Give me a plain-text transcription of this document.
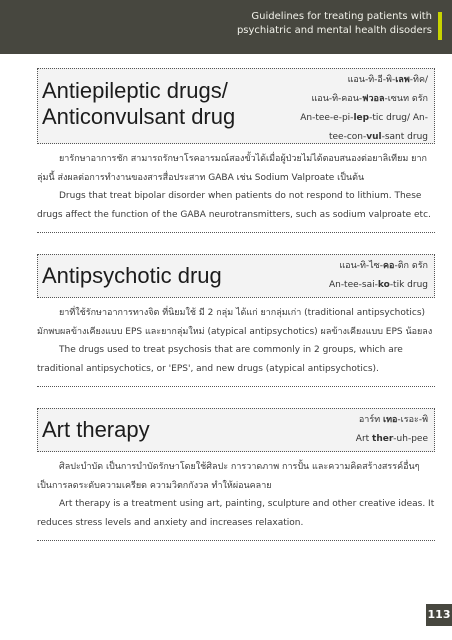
Guidelines for treating patients with
psychiatric and mental health disoders
Antiepileptic drugs/
Anticonvulsant drug
แอน-ทิ-อี-พิ-เลพ-ทิค/
แอน-ทิ-คอน-ฟวอล-เซนท ดรัก
An-tee-e-pi-lep-tic drug/ An-
tee-con-vul-sant drug

ยารักษาอาการชัก สามารถรักษาโรคอารมณ์สองขั้วได้เมื่อผู้ป่วยไม่ได้ตอบสนองต่อยาลิเทียม ยากลุ่มนี้ ส่งผลต่อการทำงานของสารสื่อประสาท GABA เช่น Sodium Valproate เป็นต้น

Drugs that treat bipolar disorder when patients do not respond to lithium. These drugs affect the function of the GABA neurotransmitters, such as sodium valproate etc.

Antipsychotic drug	แอน-ทิ-ไซ-คอ-ติก ดรัก
An-tee-sai-ko-tik drug

ยาที่ใช้รักษาอาการทางจิต ที่นิยมใช้ มี 2 กลุ่ม ได้แก่ ยากลุ่มเก่า (traditional antipsychotics) มักพบผลข้างเคียงแบบ EPS และยากลุ่มใหม่ (atypical antipsychotics) ผลข้างเคียงแบบ EPS น้อยลง

The drugs used to treat psychosis that are commonly in 2 groups, which are traditional antipsychotics, or 'EPS', and new drugs (atypical antipsychotics).

Art therapy	อาร์ท เทอ-เรอะ-พิ
Art ther-uh-pee

ศิลปะบำบัด เป็นการบำบัดรักษาโดยใช้ศิลปะ การวาดภาพ การปั้น และความคิดสร้างสรรค์อื่นๆ เป็นการลดระดับความเครียด ความวิตกกังวล ทำให้ผ่อนคลาย

Art therapy is a treatment using art, painting, sculpture and other creative ideas. It reduces stress levels and anxiety and increases relaxation.

113
